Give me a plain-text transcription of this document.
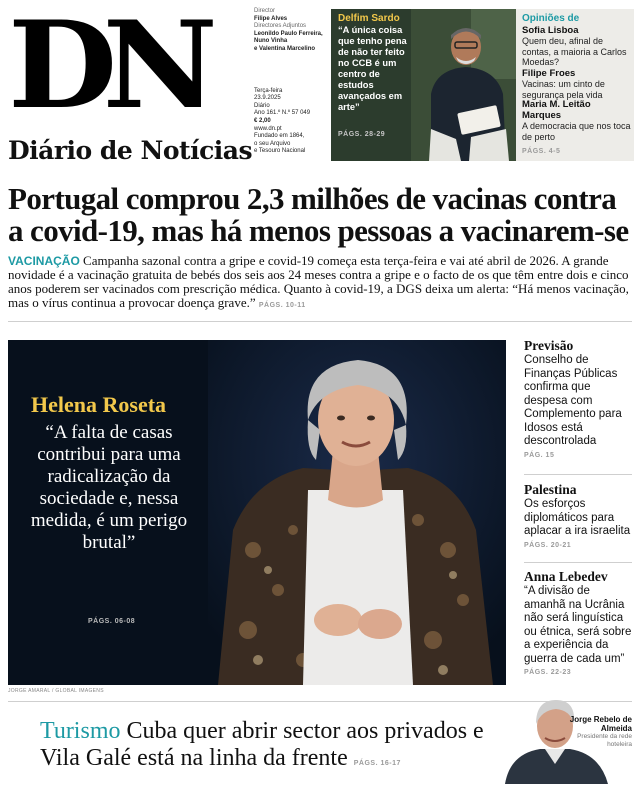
DN
Diário de Notícias
Director
Filipe Alves
Directores Adjuntos
Leonildo Paulo Ferreira,
Nuno Vinha
e Valentina Marcelino
Terça-feira
23.9.2025
Diário
Ano 161.º N.º 57 049
€ 2,00
www.dn.pt
Fundado em 1864,
o seu Arquivo
e Tesouro Nacional
Delfim Sardo
“A única coisa que tenho pena de não ter feito no CCB é um centro de estudos avançados em arte”
PÁGS. 28-29
Opiniões de
Sofia Lisboa
Quem deu, afinal de contas, a maioria a Carlos Moedas?
Filipe Froes
Vacinas: um cinto de segurança pela vida
Maria M. Leitão Marques
A democracia que nos toca de perto
PÁGS. 4-5
Portugal comprou 2,3 milhões de vacinas contra a covid-19, mas há menos pessoas a vacinarem-se
VACINAÇÃO Campanha sazonal contra a gripe e covid-19 começa esta terça-feira e vai até abril de 2026. A grande novidade é a vacinação gratuita de bebés dos seis aos 24 meses contra a gripe e o facto de os que têm entre dois e cinco anos poderem ser vacinados com prescrição médica. Quanto à covid-19, a DGS deixa um alerta: “Há menos vacinação, mas o vírus continua a provocar doença grave.” PÁGS. 10-11
Helena Roseta
“A falta de casas contribui para uma radicalização da sociedade e, nessa medida, é um perigo brutal”
PÁGS. 06-08
JORGE AMARAL / GLOBAL IMAGENS
Previsão
Conselho de Finanças Públicas confirma que despesa com Complemento para Idosos está descontrolada
PÁG. 15
Palestina
Os esforços diplomáticos para aplacar a ira israelita
PÁGS. 20-21
Anna Lebedev
“A divisão de amanhã na Ucrânia não será linguística ou étnica, será sobre a experiência da guerra de cada um”
PÁGS. 22-23
Turismo Cuba quer abrir sector aos privados e Vila Galé está na linha da frente PÁGS. 16-17
Jorge Rebelo de Almeida
Presidente da rede hoteleira
